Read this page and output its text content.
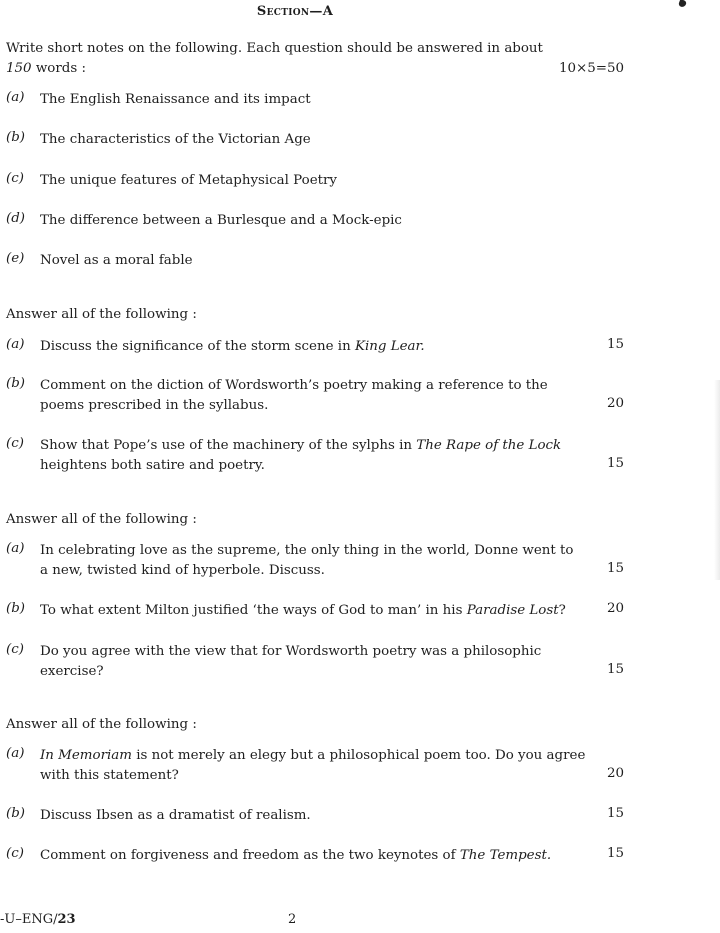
Section—A
Write short notes on the following. Each question should be answered in about
150 words :	10×5=50
(a)	The English Renaissance and its impact
(b)	The characteristics of the Victorian Age
(c)	The unique features of Metaphysical Poetry
(d)	The difference between a Burlesque and a Mock-epic
(e)	Novel as a moral fable
Answer all of the following :
(a)	Discuss the significance of the storm scene in King Lear.	15
(b)	Comment on the diction of Wordsworth’s poetry making a reference to the
poems prescribed in the syllabus.	20
(c)	Show that Pope’s use of the machinery of the sylphs in The Rape of the Lock
heightens both satire and poetry.	15
Answer all of the following :
(a)	In celebrating love as the supreme, the only thing in the world, Donne went to
a new, twisted kind of hyperbole. Discuss.	15
(b)	To what extent Milton justified ‘the ways of God to man’ in his Paradise Lost?	20
(c)	Do you agree with the view that for Wordsworth poetry was a philosophic
exercise?	15
Answer all of the following :
(a)	In Memoriam is not merely an elegy but a philosophical poem too. Do you agree
with this statement?	20
(b)	Discuss Ibsen as a dramatist of realism.	15
(c)	Comment on forgiveness and freedom as the two keynotes of The Tempest.	15
-U–ENG/23	2
